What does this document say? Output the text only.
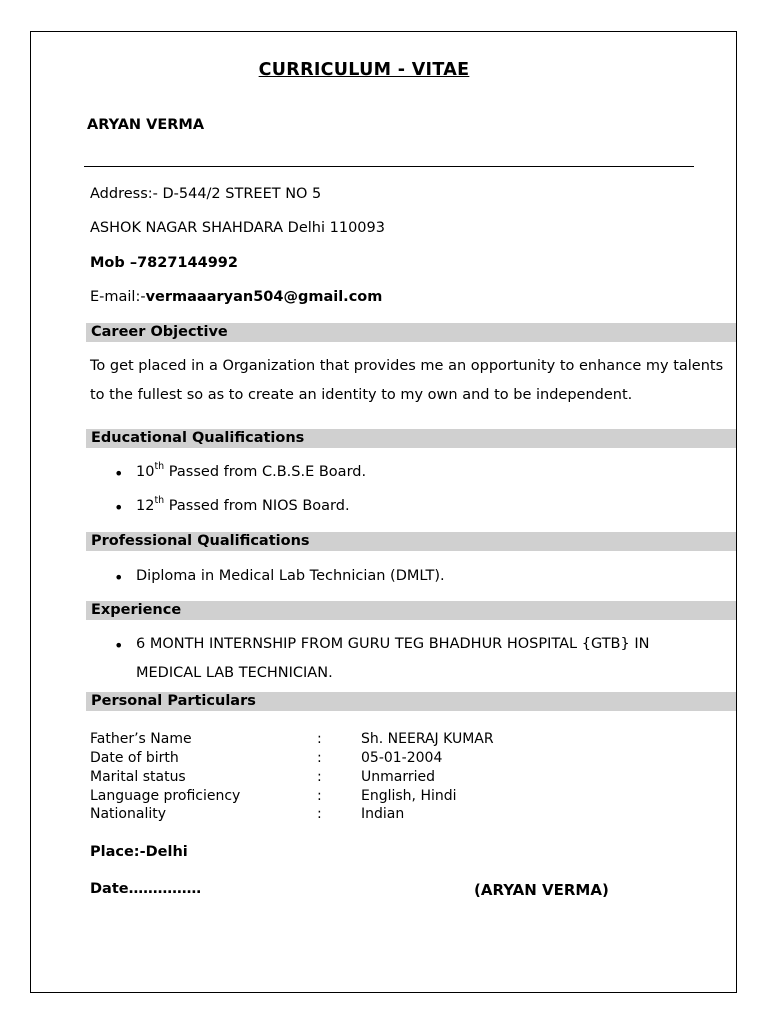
CURRICULUM - VITAE
ARYAN VERMA
Address:- D-544/2 STREET NO 5
ASHOK NAGAR SHAHDARA Delhi 110093
Mob –7827144992
E-mail:-vermaaaryan504@gmail.com
Career Objective
To get placed in a Organization that provides me an opportunity to enhance my talents
to the fullest so as to create an identity to my own and to be independent.
Educational Qualifications
• 10th Passed from C.B.S.E Board.
• 12th Passed from NIOS Board.
Professional Qualifications
• Diploma in Medical Lab Technician (DMLT).
Experience
• 6 MONTH INTERNSHIP FROM GURU TEG BHADHUR HOSPITAL {GTB} IN
MEDICAL LAB TECHNICIAN.
Personal Particulars
Father’s Name	:	Sh. NEERAJ KUMAR
Date of birth	:	05-01-2004
Marital status	:	Unmarried
Language proficiency	:	English, Hindi
Nationality	:	Indian
Place:-Delhi
Date……………	(ARYAN VERMA)
